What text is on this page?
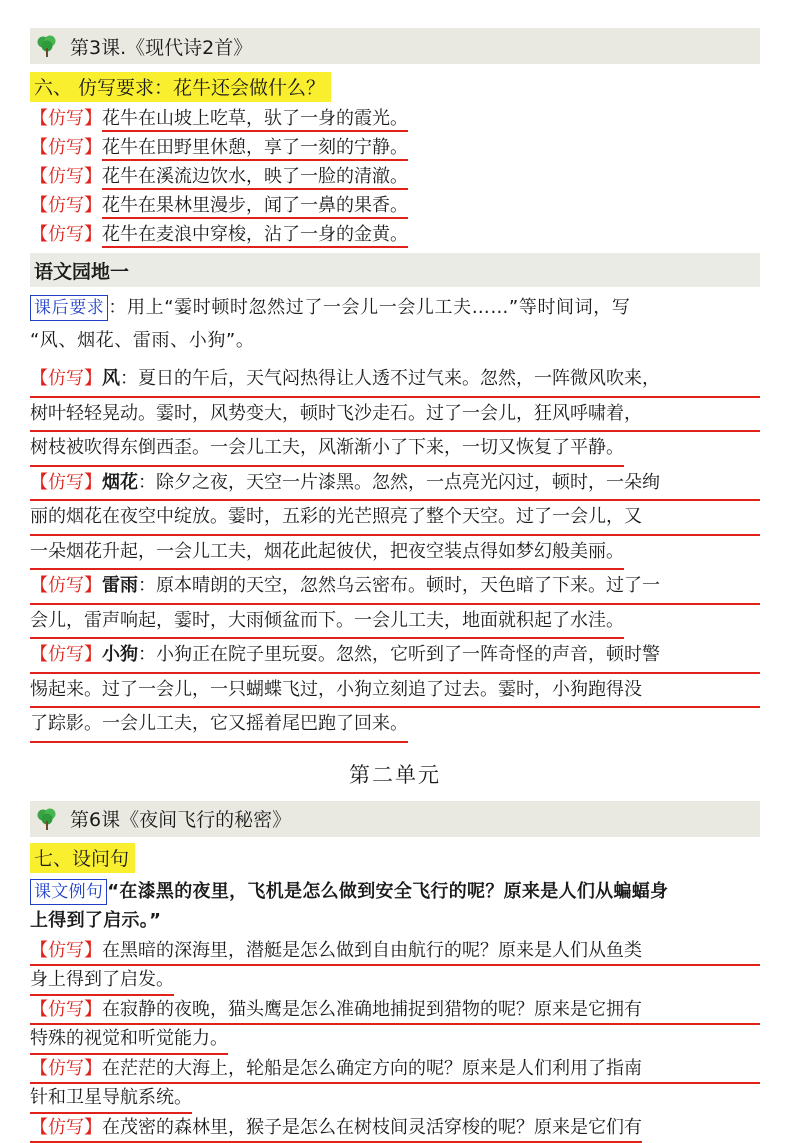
第3课.《现代诗2首》
六、 仿写要求：花牛还会做什么？
【仿写】花牛在山坡上吃草，驮了一身的霞光。
【仿写】花牛在田野里休憩，享了一刻的宁静。
【仿写】花牛在溪流边饮水，映了一脸的清澈。
【仿写】花牛在果林里漫步，闻了一鼻的果香。
【仿写】花牛在麦浪中穿梭，沾了一身的金黄。
语文园地一
课后要求 ：用上“霎时顿时忽然过了一会儿一会儿工夫……”等时间词，写
“风、烟花、雷雨、小狗”。
【仿写】风：夏日的午后，天气闷热得让人透不过气来。忽然，一阵微风吹来，
树叶轻轻晃动。霎时，风势变大，顿时飞沙走石。过了一会儿，狂风呼啸着，
树枝被吹得东倒西歪。一会儿工夫，风渐渐小了下来，一切又恢复了平静。
【仿写】烟花：除夕之夜，天空一片漆黑。忽然，一点亮光闪过，顿时，一朵绚
丽的烟花在夜空中绽放。霎时，五彩的光芒照亮了整个天空。过了一会儿，又
一朵烟花升起，一会儿工夫，烟花此起彼伏，把夜空装点得如梦幻般美丽。
【仿写】雷雨：原本晴朗的天空，忽然乌云密布。顿时，天色暗了下来。过了一
会儿，雷声响起，霎时，大雨倾盆而下。一会儿工夫，地面就积起了水洼。
【仿写】小狗：小狗正在院子里玩耍。忽然，它听到了一阵奇怪的声音，顿时警
惕起来。过了一会儿，一只蝴蝶飞过，小狗立刻追了过去。霎时，小狗跑得没
了踪影。一会儿工夫，它又摇着尾巴跑了回来。
第二单元
第6课《夜间飞行的秘密》
七、设问句
课文例句 “在漆黑的夜里，飞机是怎么做到安全飞行的呢？原来是人们从蝙蝠身
上得到了启示。”
【仿写】在黑暗的深海里，潜艇是怎么做到自由航行的呢？原来是人们从鱼类
身上得到了启发。
【仿写】在寂静的夜晚，猫头鹰是怎么准确地捕捉到猎物的呢？原来是它拥有
特殊的视觉和听觉能力。
【仿写】在茫茫的大海上，轮船是怎么确定方向的呢？原来是人们利用了指南
针和卫星导航系统。
【仿写】在茂密的森林里，猴子是怎么在树枝间灵活穿梭的呢？原来是它们有
